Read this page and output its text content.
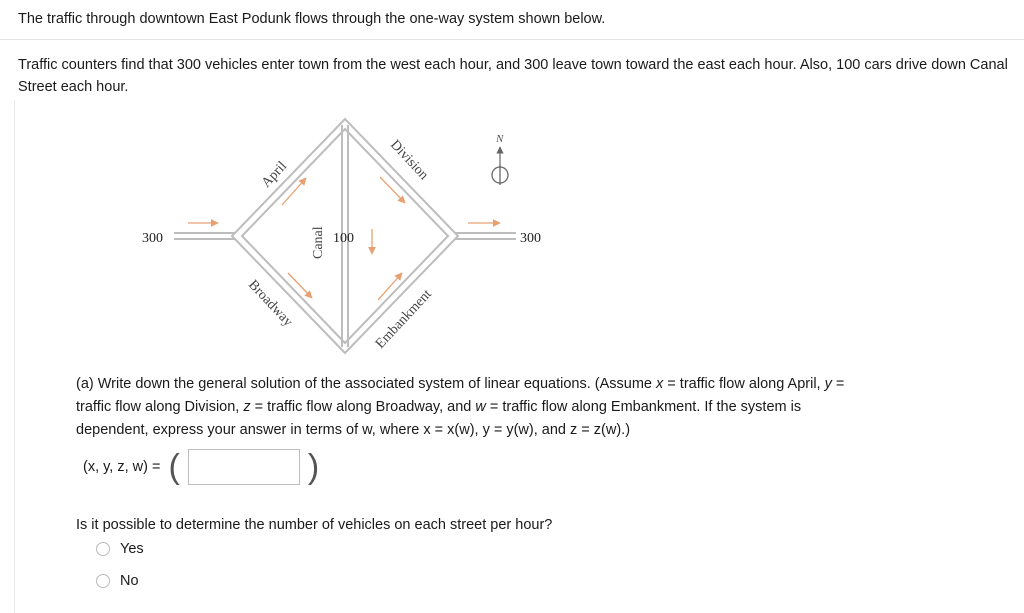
The traffic through downtown East Podunk flows through the one-way system shown below.
Traffic counters find that 300 vehicles enter town from the west each hour, and 300 leave town toward the east each hour. Also, 100 cars drive down Canal Street each hour.
300	300
100
April	Division
Broadway	Embankment
Canal
N
(a) Write down the general solution of the associated system of linear equations. (Assume x = traffic flow along April, y =
traffic flow along Division, z = traffic flow along Broadway, and w = traffic flow along Embankment. If the system is
dependent, express your answer in terms of w, where x = x(w), y = y(w), and z = z(w).)
(x, y, z, w) = (	)
Is it possible to determine the number of vehicles on each street per hour?
Yes
No
